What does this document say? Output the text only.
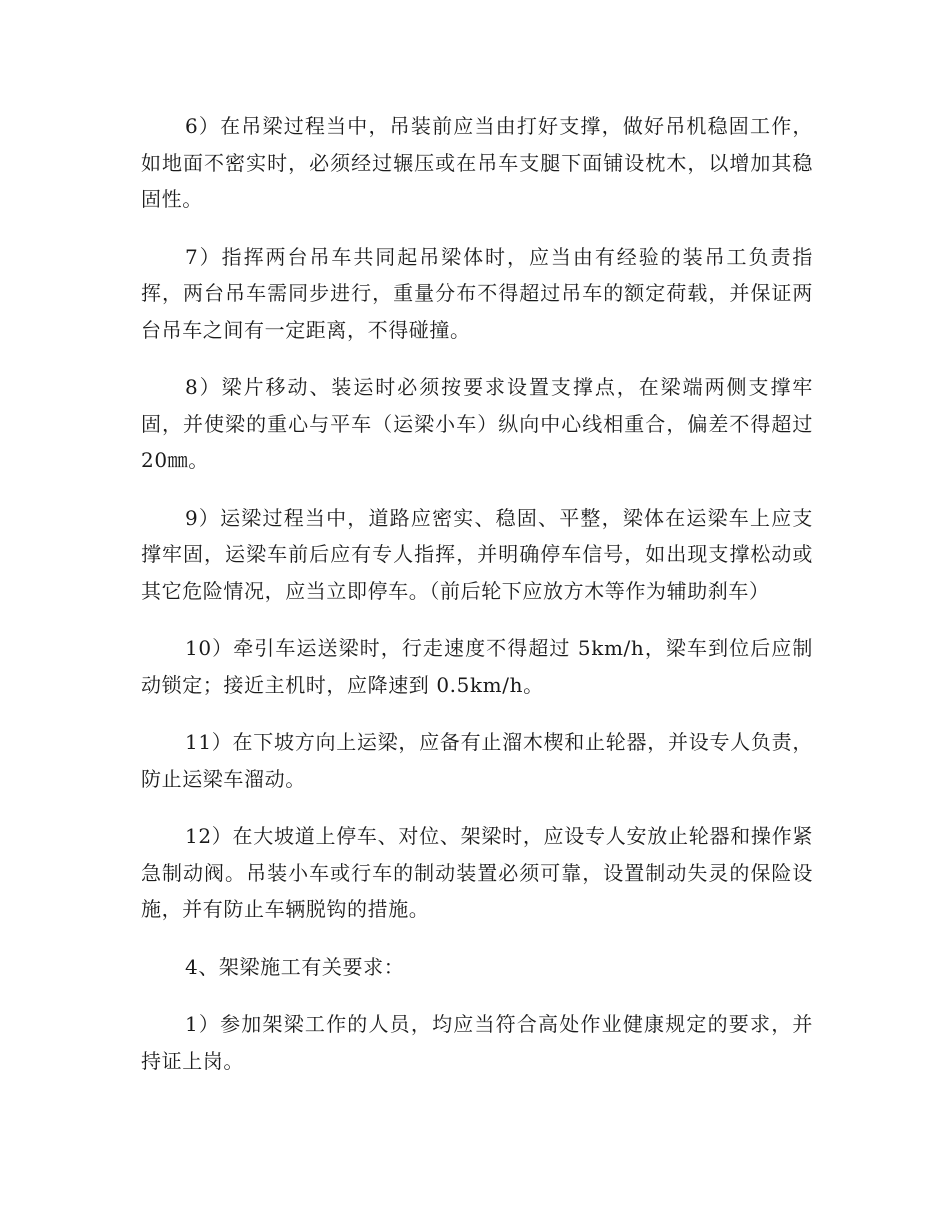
6）在吊梁过程当中，吊装前应当由打好支撑，做好吊机稳固工作，如地面不密实时，必须经过辗压或在吊车支腿下面铺设枕木，以增加其稳固性。

7）指挥两台吊车共同起吊梁体时，应当由有经验的装吊工负责指挥，两台吊车需同步进行，重量分布不得超过吊车的额定荷载，并保证两台吊车之间有一定距离，不得碰撞。

8）梁片移动、装运时必须按要求设置支撑点，在梁端两侧支撑牢固，并使梁的重心与平车（运梁小车）纵向中心线相重合，偏差不得超过 20㎜。

9）运梁过程当中，道路应密实、稳固、平整，梁体在运梁车上应支撑牢固，运梁车前后应有专人指挥，并明确停车信号，如出现支撑松动或其它危险情况，应当立即停车。（前后轮下应放方木等作为辅助刹车）

10）牵引车运送梁时，行走速度不得超过 5km/h，梁车到位后应制动锁定；接近主机时，应降速到 0.5km/h。

11）在下坡方向上运梁，应备有止溜木楔和止轮器，并设专人负责，防止运梁车溜动。

12）在大坡道上停车、对位、架梁时，应设专人安放止轮器和操作紧急制动阀。吊装小车或行车的制动装置必须可靠，设置制动失灵的保险设施，并有防止车辆脱钩的措施。

4、架梁施工有关要求：

1）参加架梁工作的人员，均应当符合高处作业健康规定的要求，并持证上岗。
